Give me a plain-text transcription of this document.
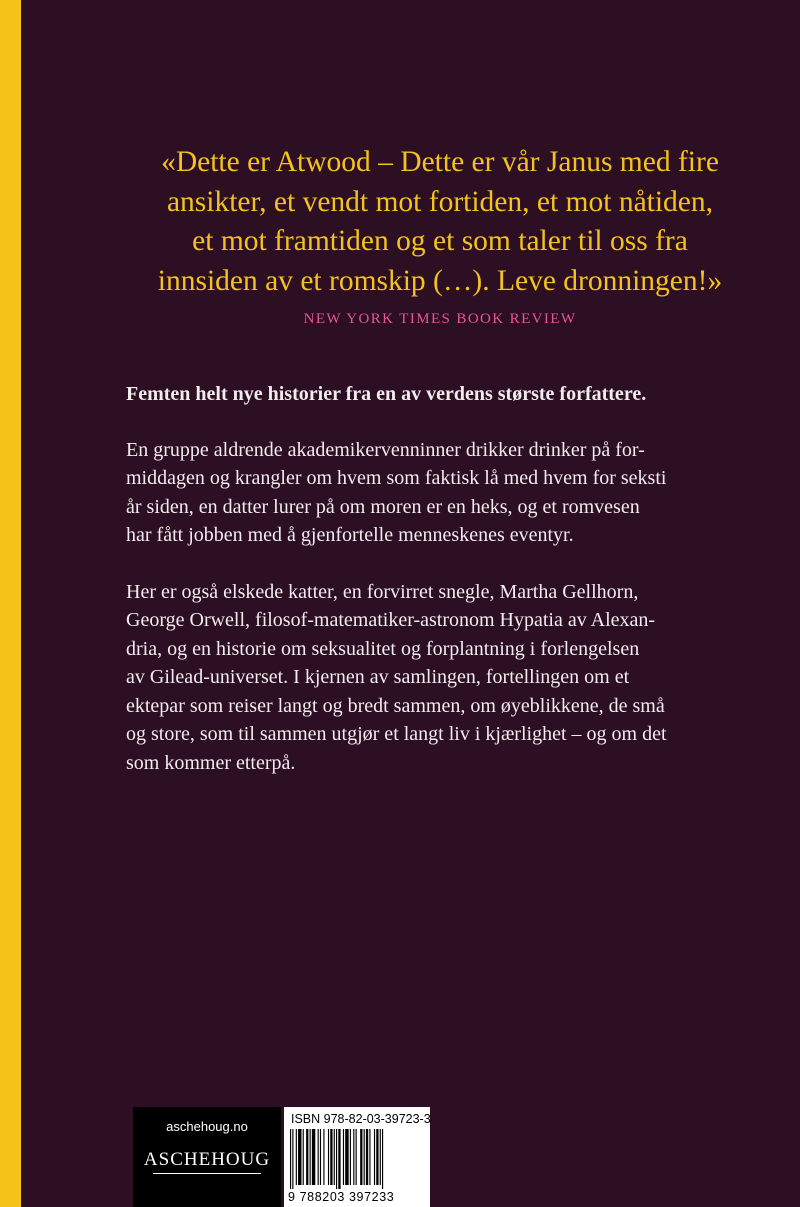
«Dette er Atwood – Dette er vår Janus med fire
ansikter, et vendt mot fortiden, et mot nåtiden,
et mot framtiden og et som taler til oss fra
innsiden av et romskip (…). Leve dronningen!»

NEW YORK TIMES BOOK REVIEW

Femten helt nye historier fra en av verdens største forfattere.

En gruppe aldrende akademikervenninner drikker drinker på for-
middagen og krangler om hvem som faktisk lå med hvem for seksti
år siden, en datter lurer på om moren er en heks, og et romvesen
har fått jobben med å gjenfortelle menneskenes eventyr.

Her er også elskede katter, en forvirret snegle, Martha Gellhorn,
George Orwell, filosof-matematiker-astronom Hypatia av Alexan-
dria, og en historie om seksualitet og forplantning i forlengelsen
av Gilead-universet. I kjernen av samlingen, fortellingen om et
ektepar som reiser langt og bredt sammen, om øyeblikkene, de små
og store, som til sammen utgjør et langt liv i kjærlighet – og om det
som kommer etterpå.

aschehoug.no
ASCHEHOUG
ISBN 978-82-03-39723-3
9 788203 397233
